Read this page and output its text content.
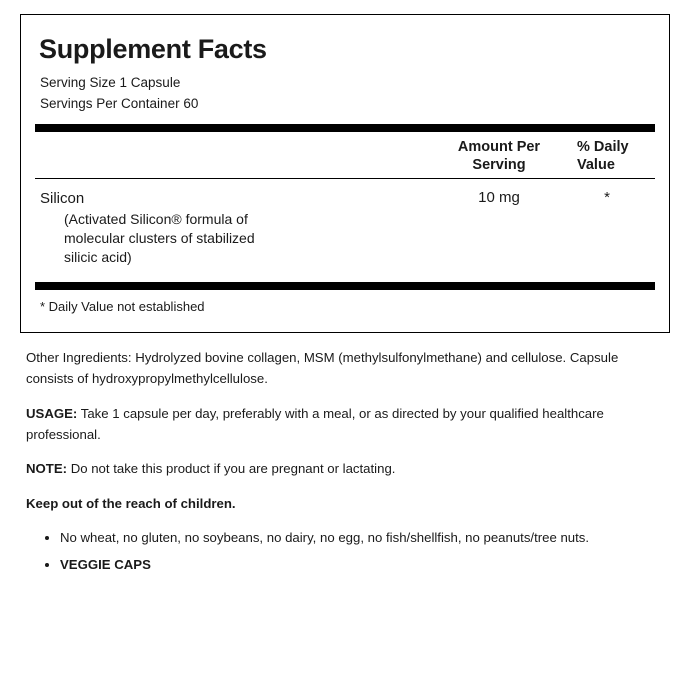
Supplement Facts
Serving Size 1 Capsule
Servings Per Container 60
Amount Per
Serving
% Daily
Value
Silicon
(Activated Silicon® formula of
molecular clusters of stabilized
silicic acid)
10 mg	*
* Daily Value not established

Other Ingredients: Hydrolyzed bovine collagen, MSM (methylsulfonylmethane) and cellulose. Capsule consists of hydroxypropylmethylcellulose.

USAGE: Take 1 capsule per day, preferably with a meal, or as directed by your qualified healthcare professional.

NOTE: Do not take this product if you are pregnant or lactating.

Keep out of the reach of children.

• No wheat, no gluten, no soybeans, no dairy, no egg, no fish/shellfish, no peanuts/tree nuts.
• VEGGIE CAPS
